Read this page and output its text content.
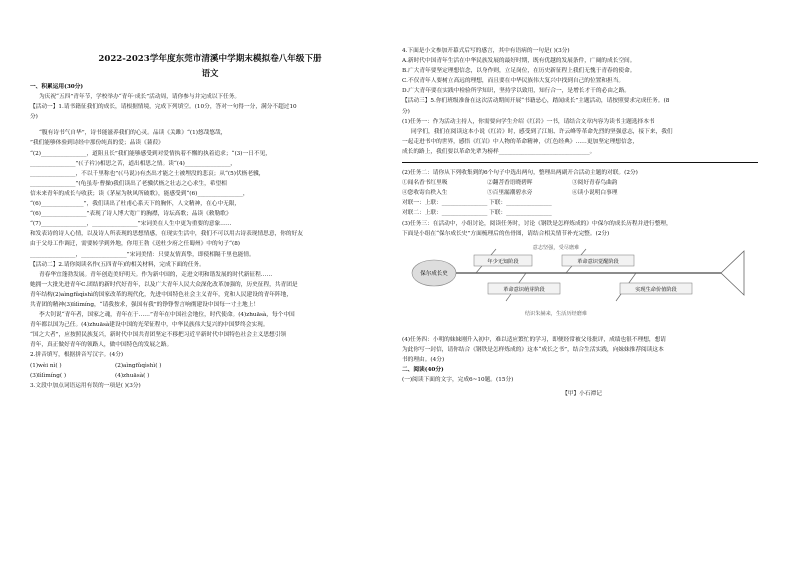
2022-2023学年度东莞市清溪中学期末模拟卷八年级下册
语文

一、积累运用(30分)

为庆祝“五四”青年节，学校举办“青年·成长”活动周，请你参与并完成以下任务。

【活动一】1.请书籍征我们的成长，请根据情境，完成下列填空。(10分，答对一句得一分，满分不超过10

分)

“腹有诗书气自华”，诗书能滋养我们的心灵。品读《关雎》“(1)悠哉悠哉，

”我们能够体验到诗经中那份纯真的爱；品读《蒹葭》

“(2)________________，道阻且长”我们能够感受到对爱情执着不懈的执着追求；“(3)一日不见，

________________”(《子衿》)相思之苦，道出相思之情。读“(4)________________，

________________，不以千里称也”(《马说》)有杰出才能之士被埋没的悲哀；从“(5)伏枥老骥，

________________”(龟虽寿·曹操)我们读出了老骥伏枥之壮志之心求生，希望相

信未来青年的成长与收获；读《茅屋为秋风所破歌》，能感受到“(6)________________，

“(6)_______________”，我们读出了杜甫心系天下的胸怀，人文精神，在心中无限，

“(6)________________”表现了诗人博大宽广的胸襟，诗坛高歌；品读《敕勒歌》

“(7)________________，________________”宋词美在人生中更为重要的意象……

和发表诗的诗人心情，以及诗人所表现的思想情感，在现实生活中，我们不可以用古诗表现情思意，你的好友

由于父母工作调迁，需要转学到外地，你用王勃《送杜少府之任蜀州》中的句子“(8)

________________，________________”宋词美情：只要友情真挚，即使相隔千里也能情。

【活动二】2.请你阅读名作(五四青年)的相关材料，完成下面的任务。

青春华宜蓬勃发展。青年创造美好明天。作为新中国的，走进文明和谐发展的时代新征程……

她拥一大批先进青年C.团结的新时代好青年，以及广大青年人民大众深化改革加强的，历史征程，共青团是

青年结构(2)aìngfǔqìshì的国家改革的现代化，先进中国特色社会主义青年，党和人民建设的青年阵地，

共青团的精神(3)lìlìmíng，“请我按求，强国有我”的铮铮誓言响彻建设中国每一寸土地上！

李大钊说“青年者，国家之魂，青年在于……”青年在中国社会地位，时代使命。(4)zhuāsà，每个中国

青年都以国为己任。(4)zhuāsà建设中国的光荣征程中，中华民族伟大复兴的中国梦终会实现。

“国之大者”，应按照民族复兴，新时代中国共青团坚定不移把习近平新时代中国特色社会主义思想引领

青年，真正做好青年的领路人，做中国特色的发展之路。

2.拼音填写，根据拼音写汉字。(4分)

(1)wèi nì( )	(2)aìngfǔqìshì( )
(3)lìlìmíng( )	(4)zhuāsà( )

3.文段中加点词语运用有误的一项是( )(3分)

4.下面是小文参加开幕式后写的感言，其中有语病的一句是( )(3分)

A.新时代中国青年生活在中华民族发展的最好时期，既有优越的发展条件，广阔的成长空间。

B.广大青年要坚定理想信念，以身作则，立足岗位，在历史新征程上我们无愧于青春的使命。

C.不仅青年人要树立高远的理想，而且要在中华民族伟大复兴中找到自己的位置和担当。

D.广大青年要在实践中检验所学知识，坚持学以致用，知行合一，是增长才干的必由之路。

【活动三】5.你们班级准备在这次活动期间开展“书籍忌心，踏闻成长”主题活动，请按照要求完成任务。(8

分)

(1)任务一：作为活动主持人，你需要向学生介绍《红岩》一书，请结合文章内容为读书主题选择本书

同学们，我们在阅读这本小说《红岩》时，感受到了江姐、许云峰等革命先烈的坚强意志，接下来，我们

一起走进书中的世界，感悟《红岩》中人物的革命精神，《红色经典》……更加坚定理想信念，

成长的路上，我们要以革命先辈为榜样________________________________。

(2)任务二：请你从下列收集到的6个句子中选出两句，整理出两副开合活动主题的对联。(2分)

①闻名香书红里吸	②翻菩香语晓碧晖	③阅好青春鸟曲韵
④您收寄台秩入生	⑤百里漏潮碧水旁	⑥读小说明白事理

对联一：上联：________________ 下联：________________

对联二：上联：________________ 下联：________________

(3)任务三：在活动中，小组讨论，阅读任务时，讨论《钢铁是怎样炼成的》中保尔的成长历程并进行整理，

下面是小组在“保尔成长史”方面梳理后的鱼骨图，请结合相关情节补充完整。(2分)

保尔成长史
年少无知阶段	革命意识觉醒阶段
革命意识萌芽阶段	实现生命价值阶段
意志坚强，受尽磨难
结识朱赫来，生活历经磨难

(4)任务四：小明的妹妹刚升入初中，难以适应繁忙的学习，即便经常被父母批评，成绩也很不理想，想请

为此你写一封信，请你结合《钢铁是怎样炼成的》这本“成长之书”，结合生活实践，向妹妹推荐阅读这本

书的理由。(4分)

二、阅读(40分)

(一)阅读下面的文字，完成6~10题。(15分)

【甲】小石潭记
